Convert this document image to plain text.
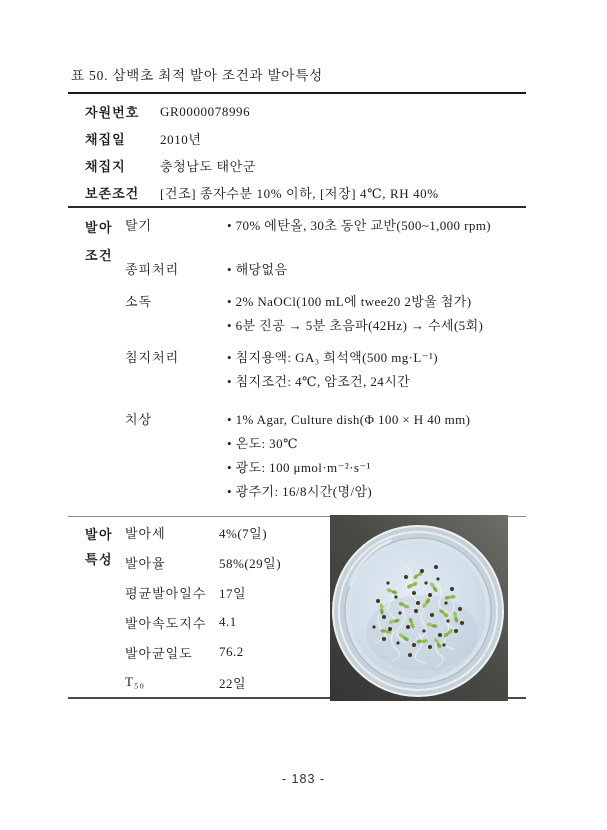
표 50. 삼백초 최적 발아 조건과 발아특성
자원번호	GR0000078996
채집일	2010년
채집지	충청남도 태안군
보존조건	[건조] 종자수분 10% 이하, [저장] 4℃, RH 40%
발아
조건
탈기	• 70% 에탄올, 30초 동안 교반(500~1,000 rpm)
종피처리	• 해당없음
소독	• 2% NaOCl(100 mL에 twee20 2방울 첨가)
• 6분 진공 → 5분 초음파(42Hz) → 수세(5회)
침지처리	• 침지용액: GA₃ 희석액(500 mg·L⁻¹)
• 침지조건: 4℃, 암조건, 24시간
치상	• 1% Agar, Culture dish(Φ 100 × H 40 mm)
• 온도: 30℃
• 광도: 100 μmol·m⁻²·s⁻¹
• 광주기: 16/8시간(명/암)
발아
특성
발아세	4%(7일)
발아율	58%(29일)
평균발아일수 17일
발아속도지수 4.1
발아균일도	76.2
T₅₀	22일
- 183 -
